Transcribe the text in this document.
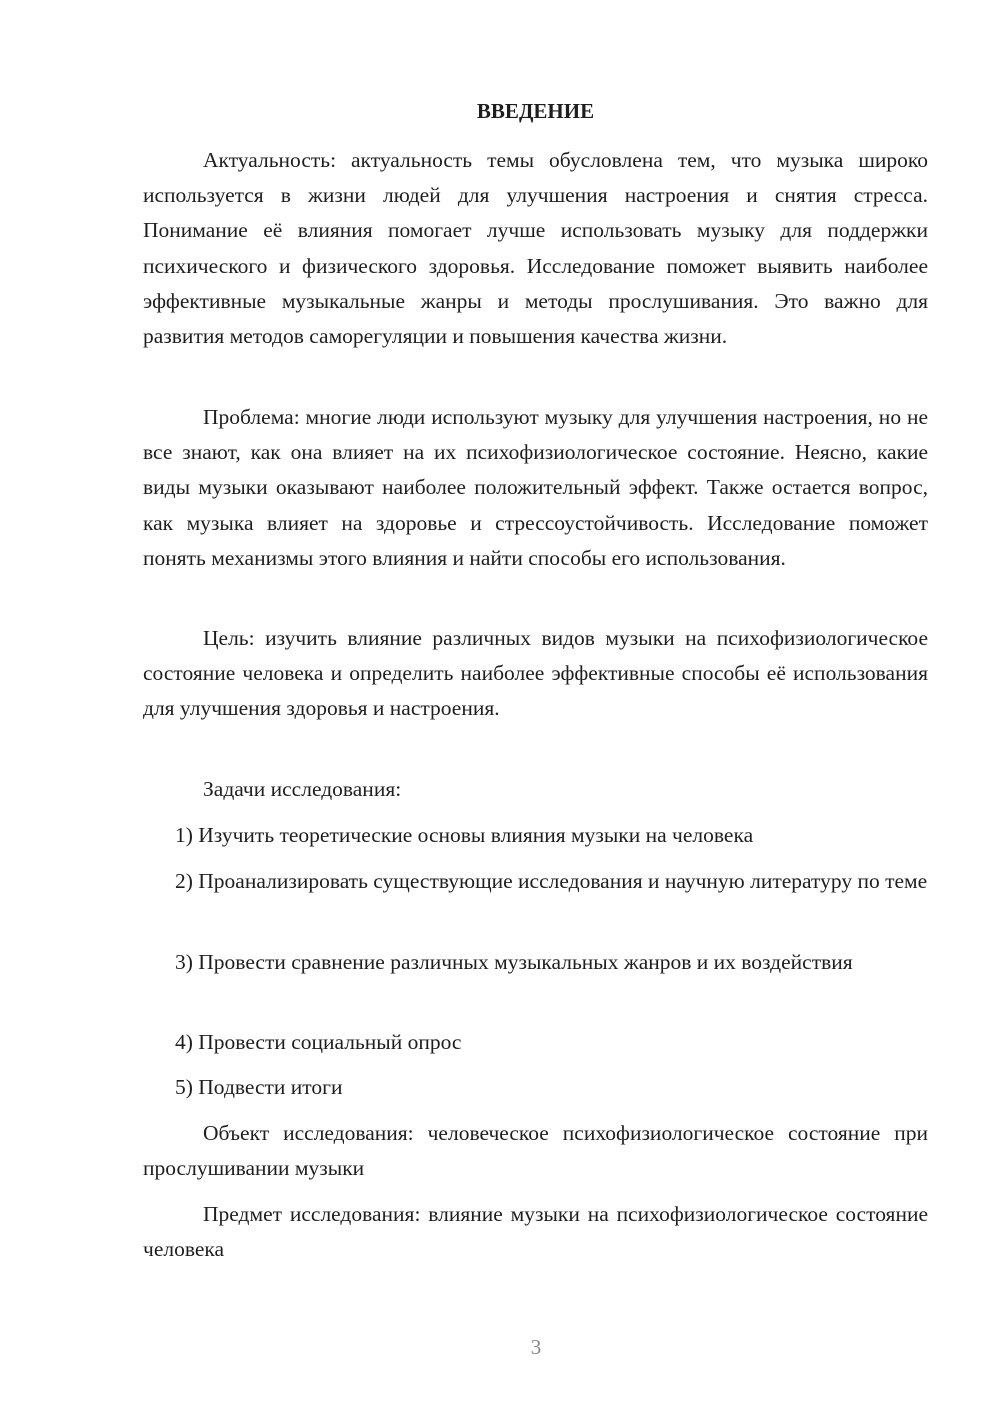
ВВЕДЕНИЕ

Актуальность: актуальность темы обусловлена тем, что музыка широко используется в жизни людей для улучшения настроения и снятия стресса. Понимание её влияния помогает лучше использовать музыку для поддержки психического и физического здоровья. Исследование поможет выявить наиболее эффективные музыкальные жанры и методы прослушивания. Это важно для развития методов саморегуляции и повышения качества жизни.

Проблема: многие люди используют музыку для улучшения настроения, но не все знают, как она влияет на их психофизиологическое состояние. Неясно, какие виды музыки оказывают наиболее положительный эффект. Также остается вопрос, как музыка влияет на здоровье и стрессоустойчивость. Исследование поможет понять механизмы этого влияния и найти способы его использования.

Цель: изучить влияние различных видов музыки на психофизиологическое состояние человека и определить наиболее эффективные способы её использования для улучшения здоровья и настроения.

Задачи исследования:

1) Изучить теоретические основы влияния музыки на человека

2) Проанализировать существующие исследования и научную литературу по теме

3) Провести сравнение различных музыкальных жанров и их воздействия

4) Провести социальный опрос

5) Подвести итоги

Объект исследования: человеческое психофизиологическое состояние при прослушивании музыки

Предмет исследования: влияние музыки на психофизиологическое состояние человека

3
